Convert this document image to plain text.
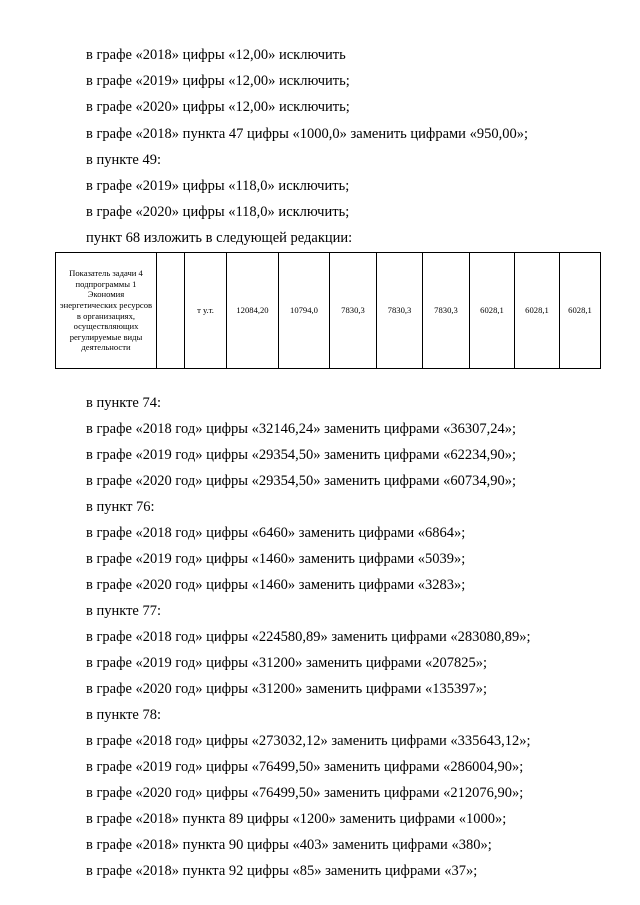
в графе «2018» цифры «12,00» исключить
в графе «2019» цифры «12,00» исключить;
в графе «2020» цифры «12,00» исключить;
в графе «2018» пункта 47 цифры «1000,0» заменить цифрами «950,00»;
в пункте 49:
в графе «2019» цифры «118,0» исключить;
в графе «2020» цифры «118,0» исключить;
пункт 68 изложить в следующей редакции:
Показатель задачи 4 подпрограммы 1 Экономия энергетических ресурсов в организациях, осуществляющих регулируемые виды деятельности		т у.т.	12084,20	10794,0	7830,3	7830,3	7830,3	6028,1	6028,1	6028,1
в пункте 74:
в графе «2018 год» цифры «32146,24» заменить цифрами «36307,24»;
в графе «2019 год» цифры «29354,50» заменить цифрами «62234,90»;
в графе «2020 год» цифры «29354,50» заменить цифрами «60734,90»;
в пункт 76:
в графе «2018 год» цифры «6460» заменить цифрами «6864»;
в графе «2019 год» цифры «1460» заменить цифрами «5039»;
в графе «2020 год» цифры «1460» заменить цифрами «3283»;
в пункте 77:
в графе «2018 год» цифры «224580,89» заменить цифрами «283080,89»;
в графе «2019 год» цифры «31200» заменить цифрами «207825»;
в графе «2020 год» цифры «31200» заменить цифрами «135397»;
в пункте 78:
в графе «2018 год» цифры «273032,12» заменить цифрами «335643,12»;
в графе «2019 год» цифры «76499,50» заменить цифрами «286004,90»;
в графе «2020 год» цифры «76499,50» заменить цифрами «212076,90»;
в графе «2018» пункта 89 цифры «1200» заменить цифрами «1000»;
в графе «2018» пункта 90 цифры «403» заменить цифрами «380»;
в графе «2018» пункта 92 цифры «85» заменить цифрами «37»;
